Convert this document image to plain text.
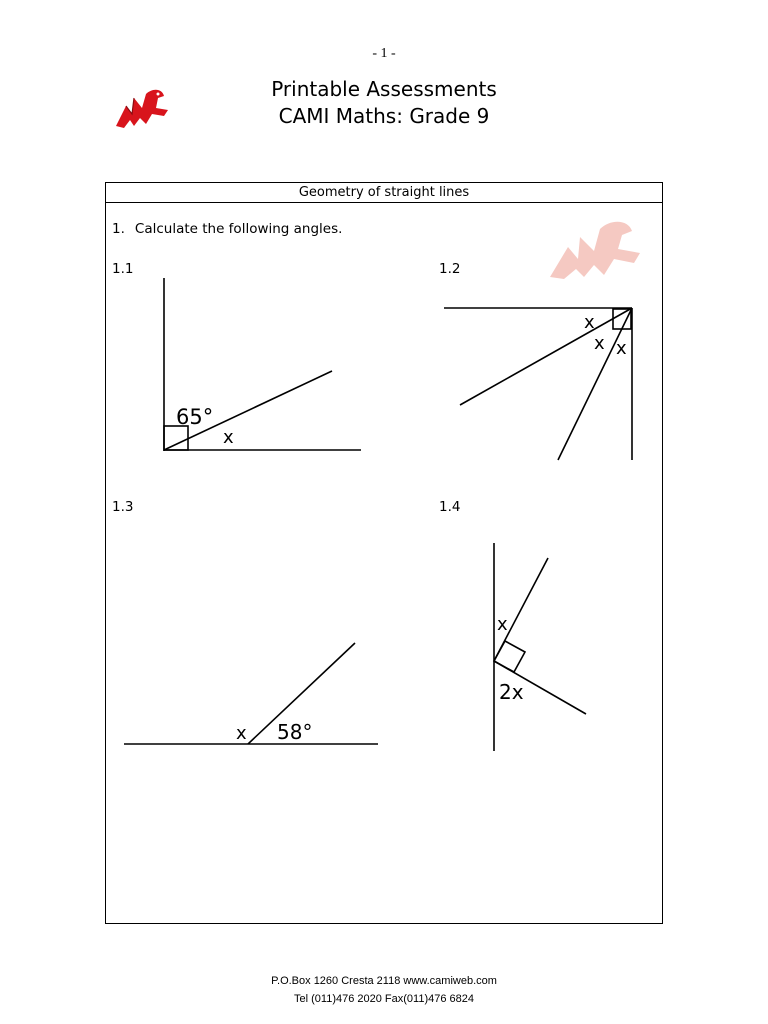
- 1 -
Printable Assessments
CAMI Maths: Grade 9
Geometry of straight lines
1. Calculate the following angles.
1.1	1.2
1.3	1.4
65°
x
x
x x
x 58°
x
2x
P.O.Box 1260 Cresta 2118 www.camiweb.com
Tel (011)476 2020 Fax(011)476 6824
